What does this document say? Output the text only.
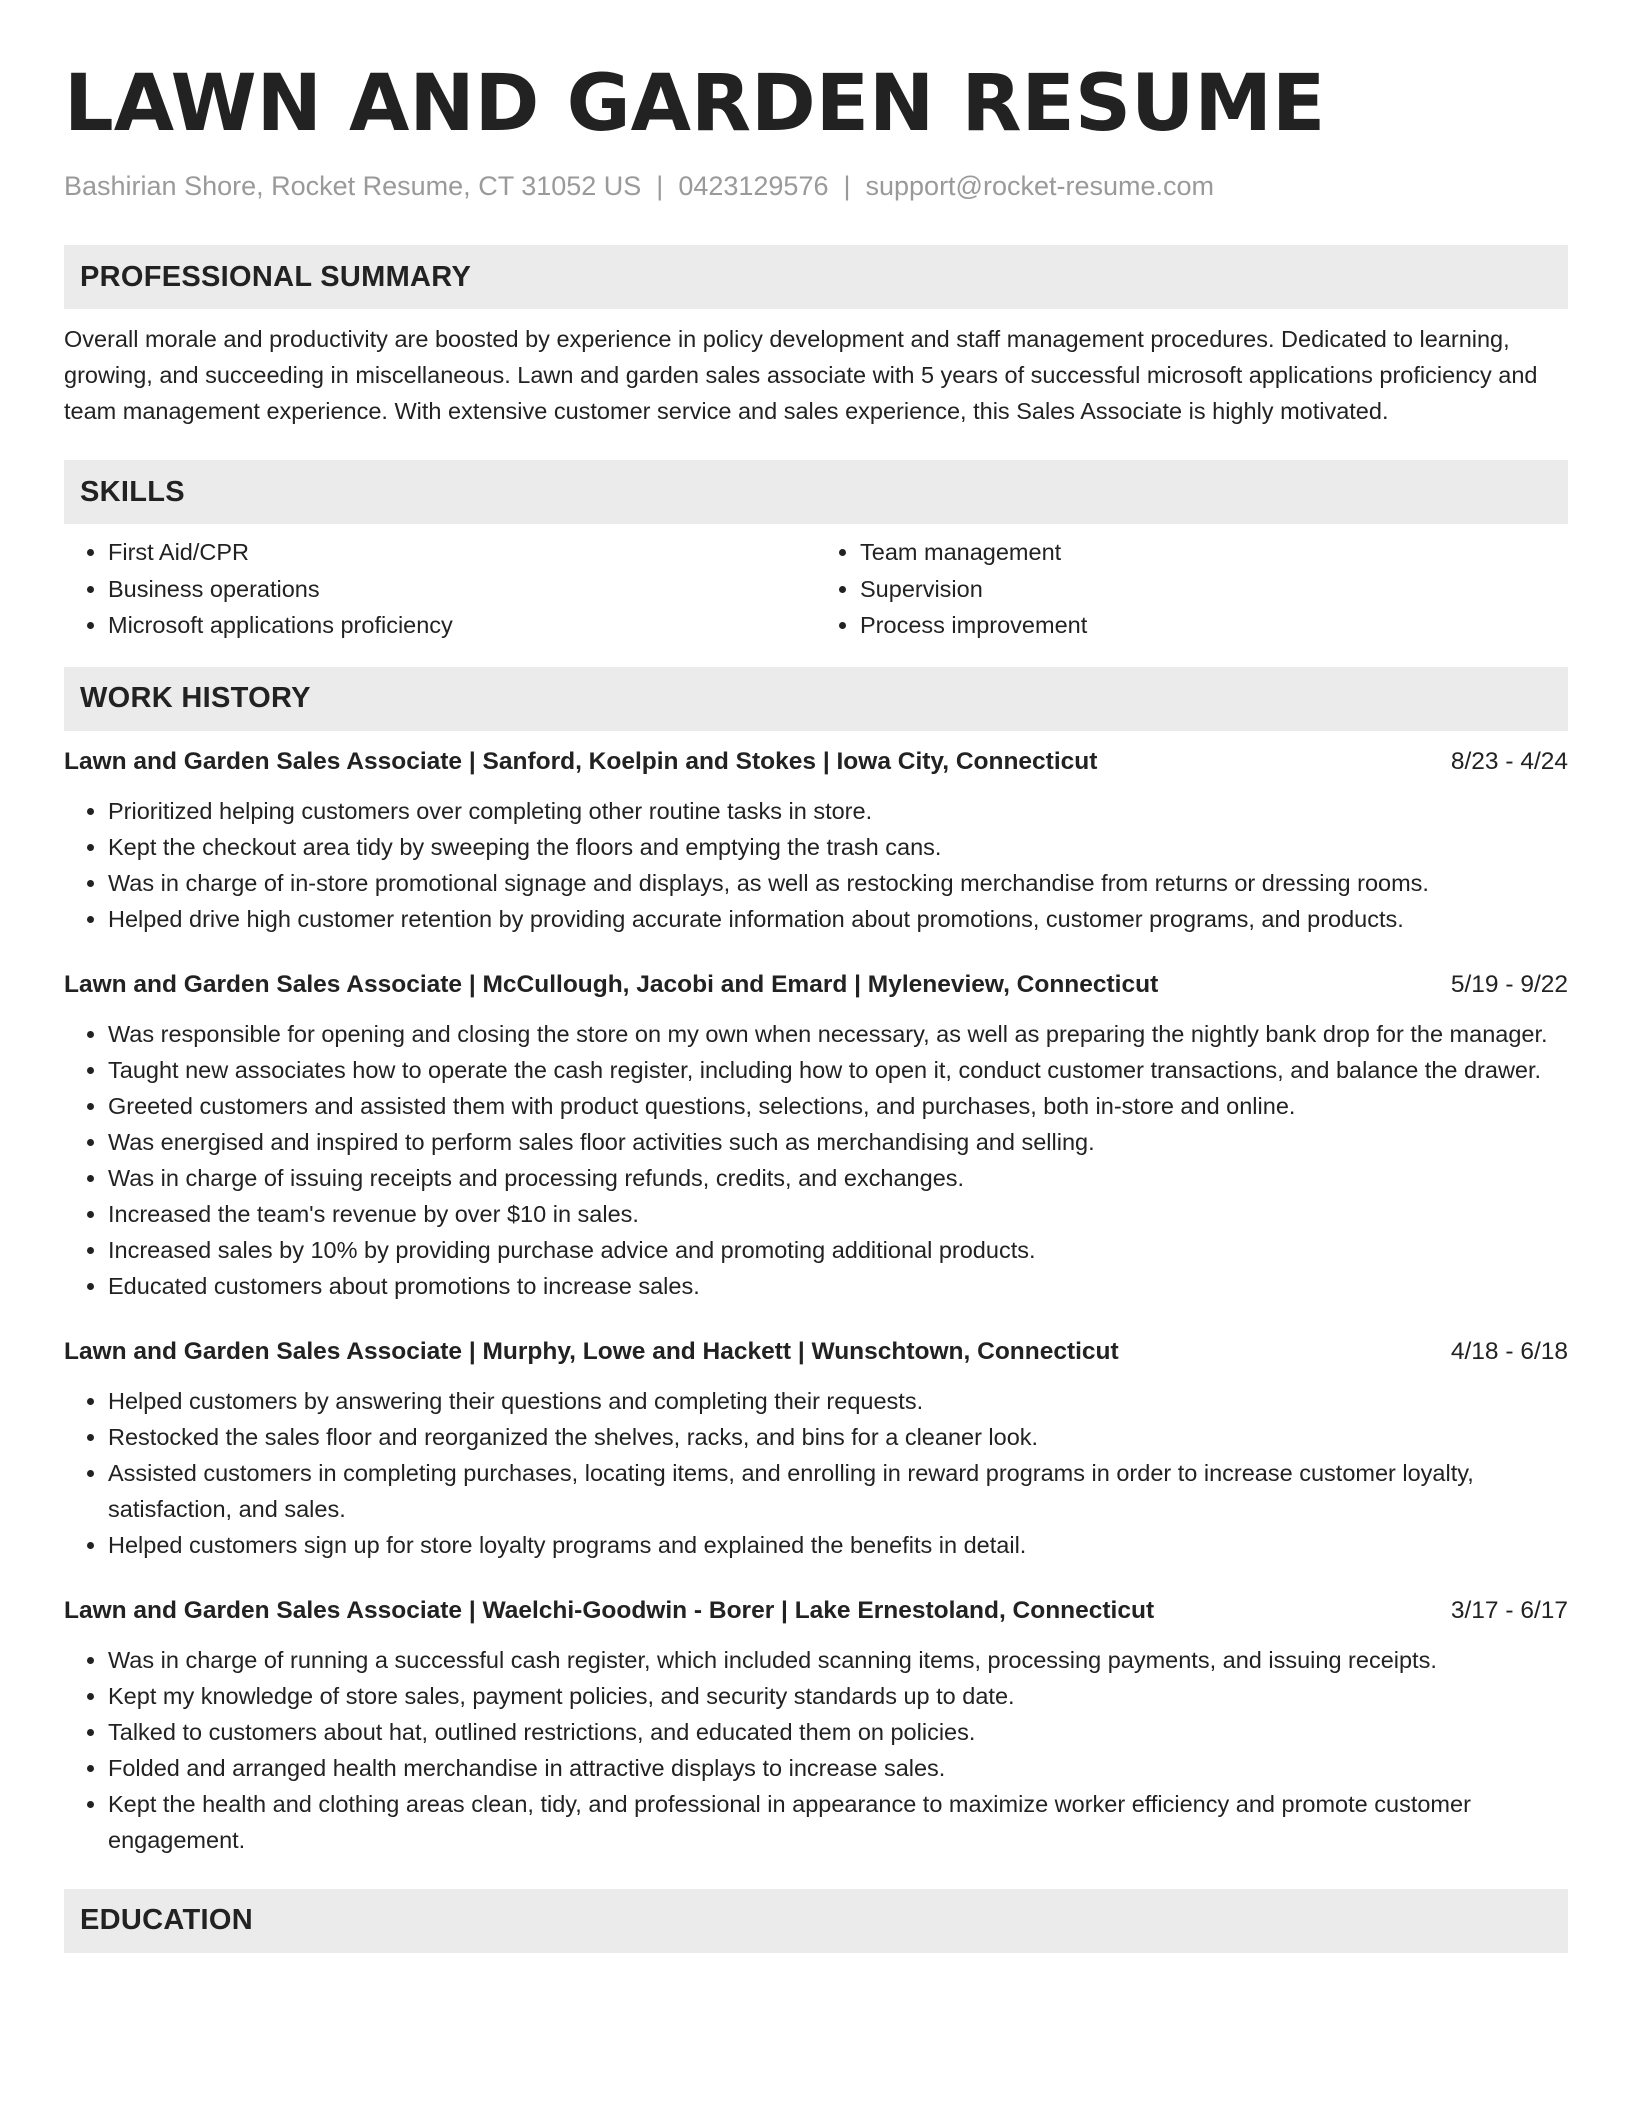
LAWN AND GARDEN RESUME
Bashirian Shore, Rocket Resume, CT 31052 US | 0423129576 | support@rocket-resume.com
PROFESSIONAL SUMMARY

Overall morale and productivity are boosted by experience in policy development and staff management procedures. Dedicated to learning, growing, and succeeding in miscellaneous. Lawn and garden sales associate with 5 years of successful microsoft applications proficiency and team management experience. With extensive customer service and sales experience, this Sales Associate is highly motivated.

SKILLS
• First Aid/CPR
• Business operations
• Microsoft applications proficiency
• Team management
• Supervision
• Process improvement
WORK HISTORY
Lawn and Garden Sales Associate | Sanford, Koelpin and Stokes | Iowa City, Connecticut	8/23 - 4/24
• Prioritized helping customers over completing other routine tasks in store.
• Kept the checkout area tidy by sweeping the floors and emptying the trash cans.
• Was in charge of in-store promotional signage and displays, as well as restocking merchandise from returns or dressing rooms.
• Helped drive high customer retention by providing accurate information about promotions, customer programs, and products.
Lawn and Garden Sales Associate | McCullough, Jacobi and Emard | Myleneview, Connecticut	5/19 - 9/22
• Was responsible for opening and closing the store on my own when necessary, as well as preparing the nightly bank drop for the manager.
• Taught new associates how to operate the cash register, including how to open it, conduct customer transactions, and balance the drawer.
• Greeted customers and assisted them with product questions, selections, and purchases, both in-store and online.
• Was energised and inspired to perform sales floor activities such as merchandising and selling.
• Was in charge of issuing receipts and processing refunds, credits, and exchanges.
• Increased the team's revenue by over $10 in sales.
• Increased sales by 10% by providing purchase advice and promoting additional products.
• Educated customers about promotions to increase sales.
Lawn and Garden Sales Associate | Murphy, Lowe and Hackett | Wunschtown, Connecticut	4/18 - 6/18
• Helped customers by answering their questions and completing their requests.
• Restocked the sales floor and reorganized the shelves, racks, and bins for a cleaner look.
• Assisted customers in completing purchases, locating items, and enrolling in reward programs in order to increase customer loyalty, satisfaction, and sales.
• Helped customers sign up for store loyalty programs and explained the benefits in detail.
Lawn and Garden Sales Associate | Waelchi-Goodwin - Borer | Lake Ernestoland, Connecticut	3/17 - 6/17
• Was in charge of running a successful cash register, which included scanning items, processing payments, and issuing receipts.
• Kept my knowledge of store sales, payment policies, and security standards up to date.
• Talked to customers about hat, outlined restrictions, and educated them on policies.
• Folded and arranged health merchandise in attractive displays to increase sales.
• Kept the health and clothing areas clean, tidy, and professional in appearance to maximize worker efficiency and promote customer engagement.
EDUCATION
